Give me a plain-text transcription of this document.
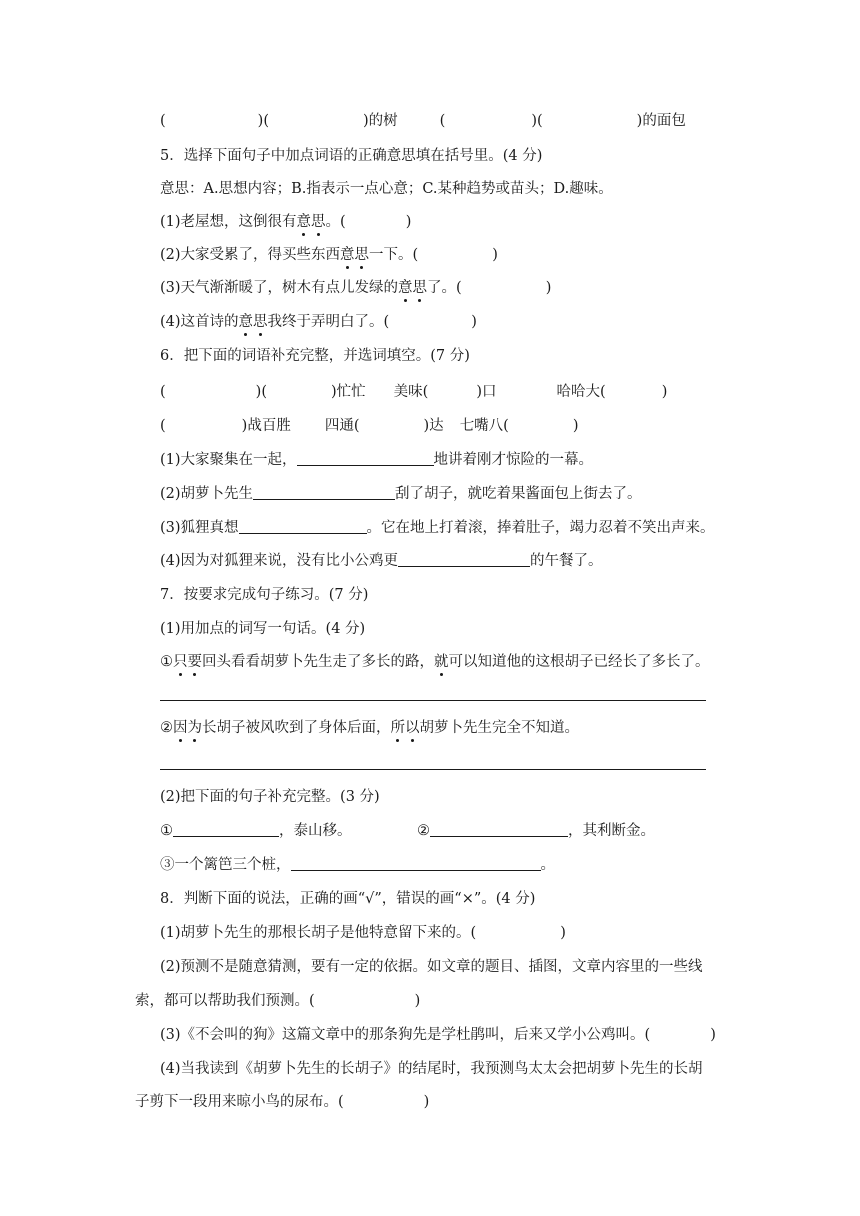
(	)(	)的树	(	)(	)的面包
5．选择下面句子中加点词语的正确意思填在括号里。(4 分)
意思：A.思想内容；B.指表示一点心意；C.某种趋势或苗头；D.趣味。
(1)老屋想，这倒很有意思。(	)
(2)大家受累了，得买些东西意思一下。(	)
(3)天气渐渐暖了，树木有点儿发绿的意思了。(	)
(4)这首诗的意思我终于弄明白了。(	)
6．把下面的词语补充完整，并选词填空。(7 分)
(	)(	)忙忙 美味(	)口	哈哈大(	)
(	)战百胜 四通(	)达 七嘴八(	)
(1)大家聚集在一起，	地讲着刚才惊险的一幕。
(2)胡萝卜先生	刮了胡子，就吃着果酱面包上街去了。
(3)狐狸真想	。它在地上打着滚，捧着肚子，竭力忍着不笑出声来。
(4)因为对狐狸来说，没有比小公鸡更	的午餐了。
7．按要求完成句子练习。(7 分)
(1)用加点的词写一句话。(4 分)
①只要回头看看胡萝卜先生走了多长的路，就可以知道他的这根胡子已经长了多长了。
②因为长胡子被风吹到了身体后面，所以胡萝卜先生完全不知道。
(2)把下面的句子补充完整。(3 分)
①	，泰山移。	②	，其利断金。
③一个篱笆三个桩，	。
8．判断下面的说法，正确的画“√”，错误的画“×”。(4 分)
(1)胡萝卜先生的那根长胡子是他特意留下来的。(	)
(2)预测不是随意猜测，要有一定的依据。如文章的题目、插图，文章内容里的一些线
索，都可以帮助我们预测。(	)
(3)《不会叫的狗》这篇文章中的那条狗先是学杜鹃叫，后来又学小公鸡叫。(	)
(4)当我读到《胡萝卜先生的长胡子》的结尾时，我预测鸟太太会把胡萝卜先生的长胡
子剪下一段用来晾小鸟的尿布。(	)
